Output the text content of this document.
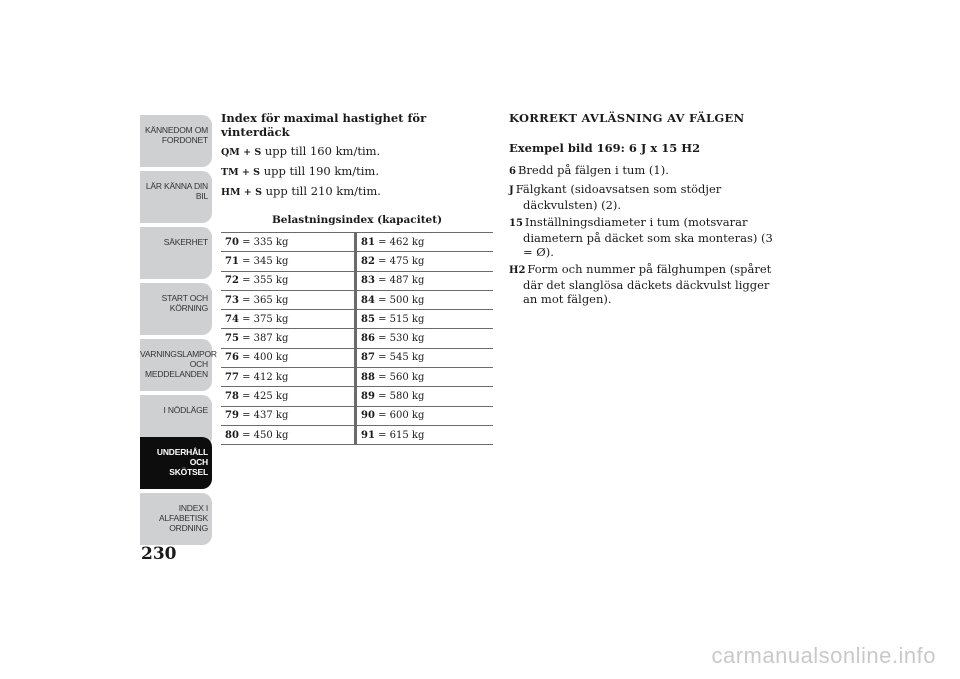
KÄNNEDOM OM
FORDONET
LÄR KÄNNA DIN
BIL
SÄKERHET
START OCH
KÖRNING
VARNINGSLAMPOR
OCH
MEDDELANDEN
I NÖDLÄGE
UNDERHÅLL OCH
SKÖTSEL
INDEX I
ALFABETISK
ORDNING
230

Index för maximal hastighet för vinterdäck

QM + S upp till 160 km/tim.

TM + S upp till 190 km/tim.

HM + S upp till 210 km/tim.

Belastningsindex (kapacitet)
70 = 335 kg	81 = 462 kg
71 = 345 kg	82 = 475 kg
72 = 355 kg	83 = 487 kg
73 = 365 kg	84 = 500 kg
74 = 375 kg	85 = 515 kg
75 = 387 kg	86 = 530 kg
76 = 400 kg	87 = 545 kg
77 = 412 kg	88 = 560 kg
78 = 425 kg	89 = 580 kg
79 = 437 kg	90 = 600 kg
80 = 450 kg	91 = 615 kg

KORREKT AVLÄSNING AV FÄLGEN

Exempel bild 169: 6 J x 15 H2

6 Bredd på fälgen i tum (1).

J Fälgkant (sidoavsatsen som stödjer däckvulsten) (2).

15 Inställningsdiameter i tum (motsvarar diametern på däcket som ska monteras) (3 = Ø).

H2 Form och nummer på fälghumpen (spåret där det slanglösa däckets däckvulst ligger an mot fälgen).

carmanualsonline.info
